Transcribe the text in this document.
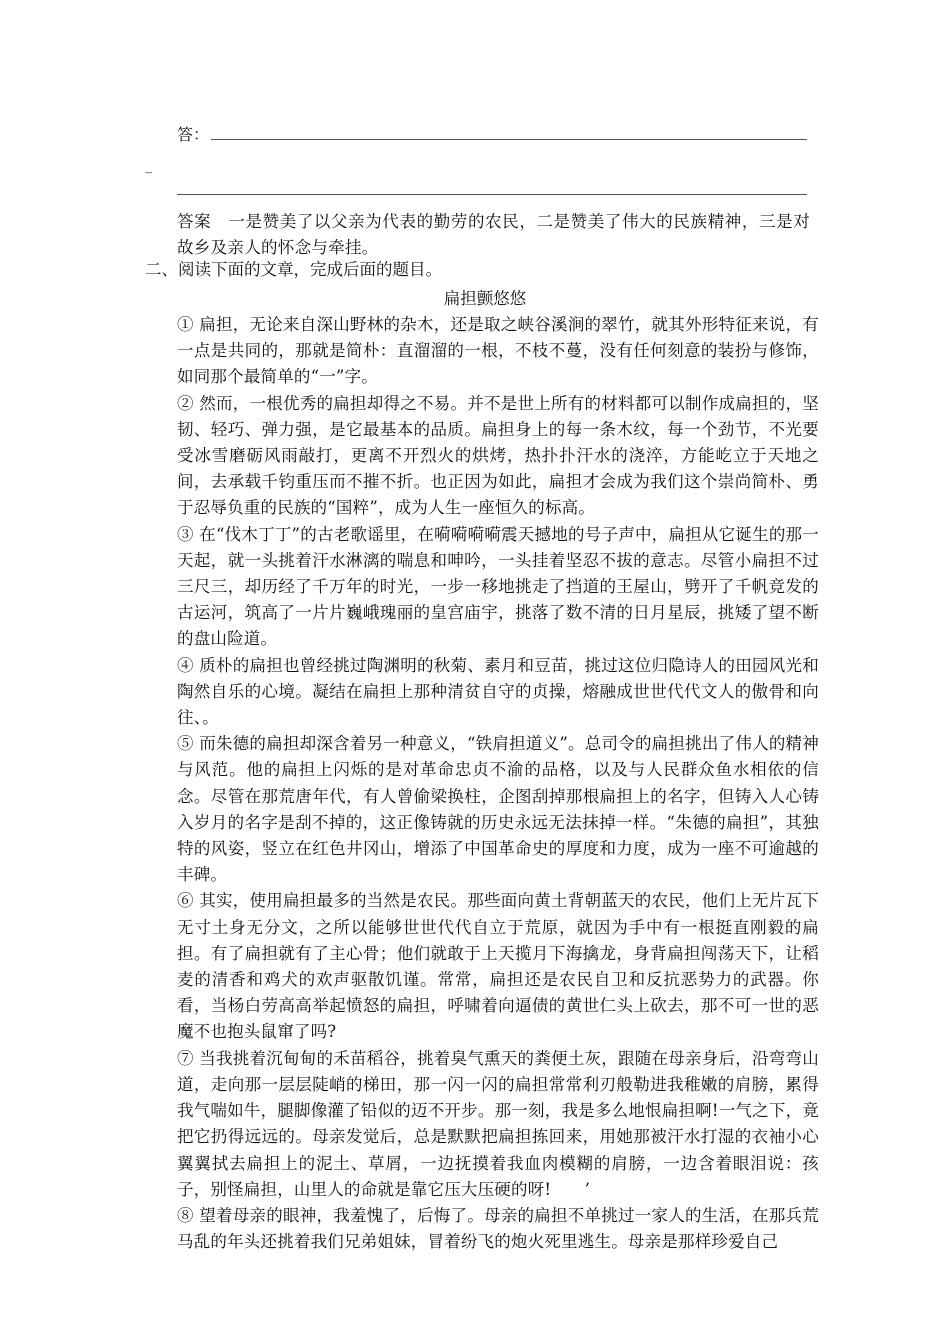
答：
_
答案　一是赞美了以父亲为代表的勤劳的农民，二是赞美了伟大的民族精神，三是对故乡及亲人的怀念与牵挂。
二、阅读下面的文章，完成后面的题目。
扁担颤悠悠

① 扁担，无论来自深山野林的杂木，还是取之峡谷溪涧的翠竹，就其外形特征来说，有一点是共同的，那就是简朴：直溜溜的一根，不枝不蔓，没有任何刻意的装扮与修饰，如同那个最简单的“一”字。

② 然而，一根优秀的扁担却得之不易。并不是世上所有的材料都可以制作成扁担的，坚韧、轻巧、弹力强，是它最基本的品质。扁担身上的每一条木纹，每一个劲节，不光要受冰雪磨砺风雨敲打，更离不开烈火的烘烤，热扑扑汗水的浇淬，方能屹立于天地之间，去承载千钧重压而不摧不折。也正因为如此，扁担才会成为我们这个崇尚简朴、勇于忍辱负重的民族的“国粹”，成为人生一座恒久的标高。

③ 在“伐木丁丁”的古老歌谣里，在嗬嗬嗬嗬震天撼地的号子声中，扁担从它诞生的那一天起，就一头挑着汗水淋漓的喘息和呻吟，一头挂着坚忍不拔的意志。尽管小扁担不过三尺三，却历经了千万年的时光，一步一移地挑走了挡道的王屋山，劈开了千帆竞发的古运河，筑高了一片片巍峨瑰丽的皇宫庙宇，挑落了数不清的日月星辰，挑矮了望不断的盘山险道。

④ 质朴的扁担也曾经挑过陶渊明的秋菊、素月和豆苗，挑过这位归隐诗人的田园风光和陶然自乐的心境。凝结在扁担上那种清贫自守的贞操，熔融成世世代代文人的傲骨和向往、。

⑤ 而朱德的扁担却深含着另一种意义，“铁肩担道义”。总司令的扁担挑出了伟人的精神与风范。他的扁担上闪烁的是对革命忠贞不渝的品格，以及与人民群众鱼水相依的信念。尽管在那荒唐年代，有人曾偷梁换柱，企图刮掉那根扁担上的名字，但铸入人心铸入岁月的名字是刮不掉的，这正像铸就的历史永远无法抹掉一样。“朱德的扁担”，其独特的风姿，竖立在红色井冈山，增添了中国革命史的厚度和力度，成为一座不可逾越的丰碑。

⑥ 其实，使用扁担最多的当然是农民。那些面向黄土背朝蓝天的农民，他们上无片瓦下无寸土身无分文，之所以能够世世代代自立于荒原，就因为手中有一根挺直刚毅的扁担。有了扁担就有了主心骨；他们就敢于上天揽月下海擒龙，身背扁担闯荡天下，让稻麦的清香和鸡犬的欢声驱散饥谨。常常，扁担还是农民自卫和反抗恶势力的武器。你看，当杨白劳高高举起愤怒的扁担，呼啸着向逼债的黄世仁头上砍去，那不可一世的恶魔不也抱头鼠窜了吗?

⑦ 当我挑着沉甸甸的禾苗稻谷，挑着臭气熏天的粪便土灰，跟随在母亲身后，沿弯弯山道，走向那一层层陡峭的梯田，那一闪一闪的扁担常常利刃般勒进我稚嫩的肩膀，累得我气喘如牛，腿脚像灌了铅似的迈不开步。那一刻，我是多么地恨扁担啊!一气之下，竟把它扔得远远的。母亲发觉后，总是默默把扁担拣回来，用她那被汗水打湿的衣袖小心翼翼拭去扁担上的泥土、草屑，一边抚摸着我血肉模糊的肩膀，一边含着眼泪说：孩子，别怪扁担，山里人的命就是靠它压大压硬的呀!　　’

⑧ 望着母亲的眼神，我羞愧了，后悔了。母亲的扁担不单挑过一家人的生活，在那兵荒马乱的年头还挑着我们兄弟姐妹，冒着纷飞的炮火死里逃生。母亲是那样珍爱自己
